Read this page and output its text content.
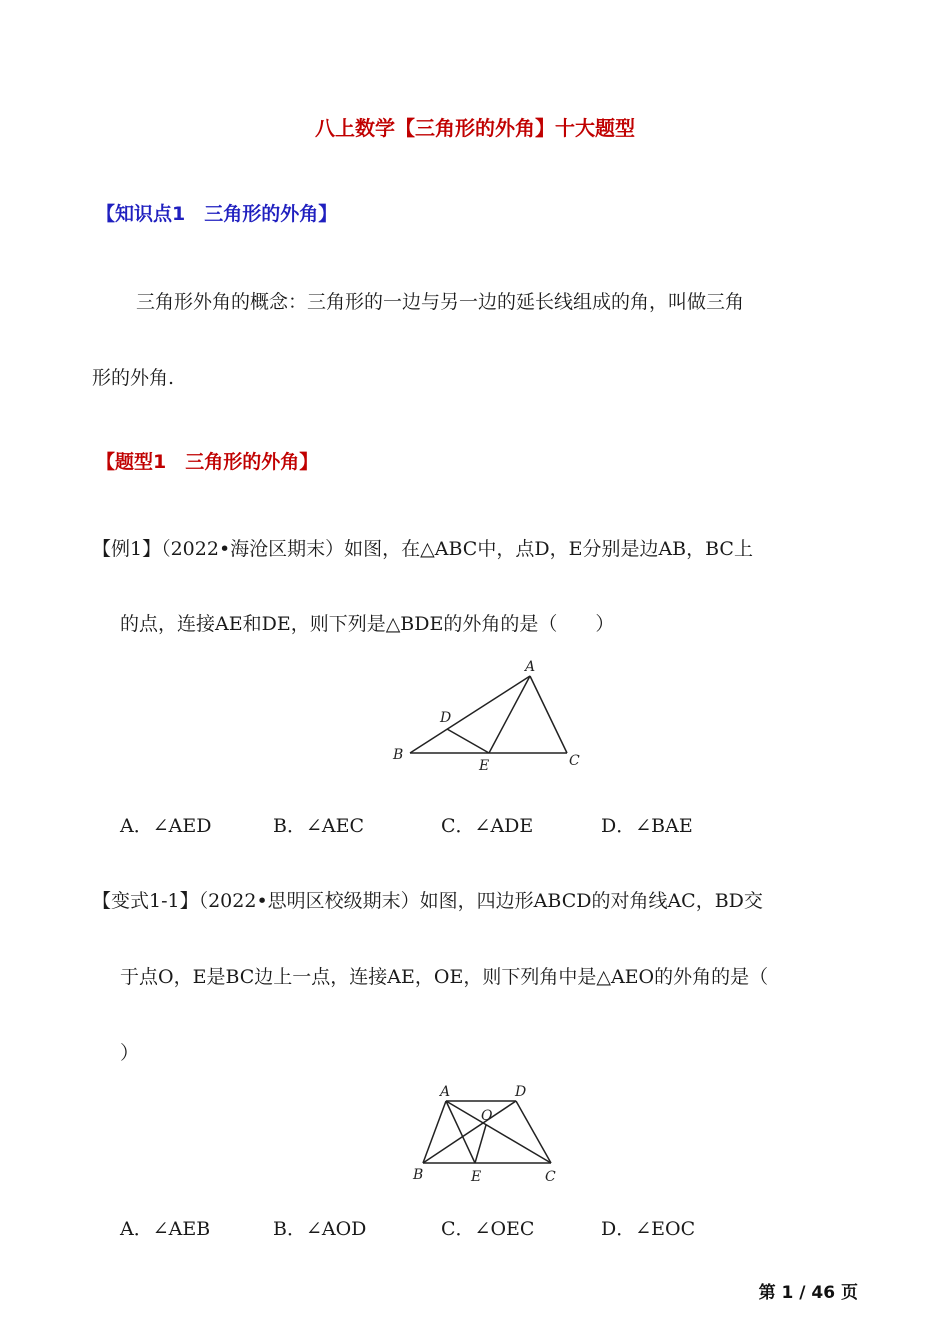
八上数学【三角形的外角】十大题型
【知识点1　三角形的外角】
三角形外角的概念：三角形的一边与另一边的延长线组成的角，叫做三角
形的外角.
【题型1　三角形的外角】
【例1】（2022•海沧区期末）如图，在△ABC中，点D，E分别是边AB，BC上
的点，连接AE和DE，则下列是△BDE的外角的是（　　）
A
B	C
D
E
A．∠AED	B．∠AEC	C．∠ADE	D．∠BAE
【变式1-1】（2022•思明区校级期末）如图，四边形ABCD的对角线AC，BD交
于点O，E是BC边上一点，连接AE，OE，则下列角中是△AEO的外角的是（
）
A
B	C
D
E
O
A．∠AEB	B．∠AOD	C．∠OEC	D．∠EOC
第 1 / 46 页
